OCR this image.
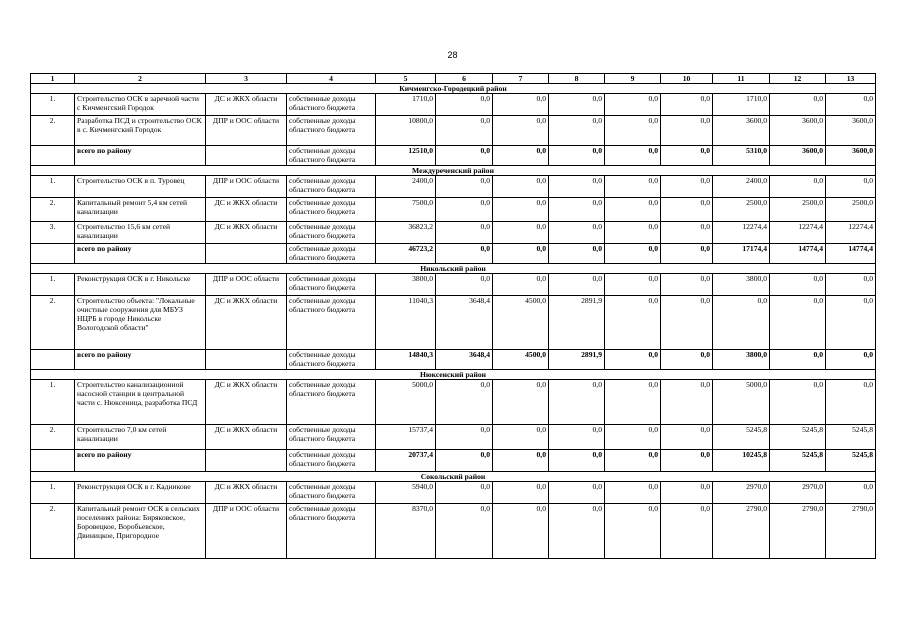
28
1	2	3	4	5	6	7	8	9	10	11	12	13
Кичменгско-Городецкий район												
1.	Строительство ОСК в заречной части с Кичменгский Городок	ДС и ЖКХ области	собственные доходы областного бюджета	1710,0	0,0	0,0	0,0	0,0	0,0	1710,0	0,0	0,0
2.	Разработка ПСД и строительство ОСК в с. Кичменгский Городок	ДПР и ООС области	собственные доходы областного бюджета	10800,0	0,0	0,0	0,0	0,0	0,0	3600,0	3600,0	3600,0
	всего по району		собственные доходы областного бюджета	12510,0	0,0	0,0	0,0	0,0	0,0	5310,0	3600,0	3600,0
Междуреченский район												
1.	Строительство ОСК в п. Туровец	ДПР и ООС области	собственные доходы областного бюджета	2400,0	0,0	0,0	0,0	0,0	0,0	2400,0	0,0	0,0
2.	Капитальный ремонт 5,4 км сетей канализации	ДС и ЖКХ области	собственные доходы областного бюджета	7500,0	0,0	0,0	0,0	0,0	0,0	2500,0	2500,0	2500,0
3.	Строительство 15,6 км сетей канализации	ДС и ЖКХ области	собственные доходы областного бюджета	36823,2	0,0	0,0	0,0	0,0	0,0	12274,4	12274,4	12274,4
	всего по району		собственные доходы областного бюджета	46723,2	0,0	0,0	0,0	0,0	0,0	17174,4	14774,4	14774,4
Никольский район												
1.	Реконструкция ОСК в г. Никольске	ДПР и ООС области	собственные доходы областного бюджета	3800,0	0,0	0,0	0,0	0,0	0,0	3800,0	0,0	0,0
2.	Строительство объекта: "Локальные очистные сооружения для МБУЗ НЦРБ в городе Никольске Вологодской области"	ДС и ЖКХ области	собственные доходы областного бюджета	11040,3	3648,4	4500,0	2891,9	0,0	0,0	0,0	0,0	0,0
	всего по району		собственные доходы областного бюджета	14840,3	3648,4	4500,0	2891,9	0,0	0,0	3800,0	0,0	0,0
Нюксенский район												
1.	Строительство канализационной насосной станции в центральной части с. Нюксеница, разработка ПСД	ДС и ЖКХ области	собственные доходы областного бюджета	5000,0	0,0	0,0	0,0	0,0	0,0	5000,0	0,0	0,0
2.	Строительство 7,0 км сетей канализации	ДС и ЖКХ области	собственные доходы областного бюджета	15737,4	0,0	0,0	0,0	0,0	0,0	5245,8	5245,8	5245,8
	всего по району		собственные доходы областного бюджета	20737,4	0,0	0,0	0,0	0,0	0,0	10245,8	5245,8	5245,8
Сокольский район												
1.	Реконструкция ОСК в г. Кадникове	ДС и ЖКХ области	собственные доходы областного бюджета	5940,0	0,0	0,0	0,0	0,0	0,0	2970,0	2970,0	0,0
2.	Капитальный ремонт ОСК в сельских поселениях района: Биряковское, Боровецкое, Воробьевское, Двиницкое, Пригородное	ДПР и ООС области	собственные доходы областного бюджета	8370,0	0,0	0,0	0,0	0,0	0,0	2790,0	2790,0	2790,0
